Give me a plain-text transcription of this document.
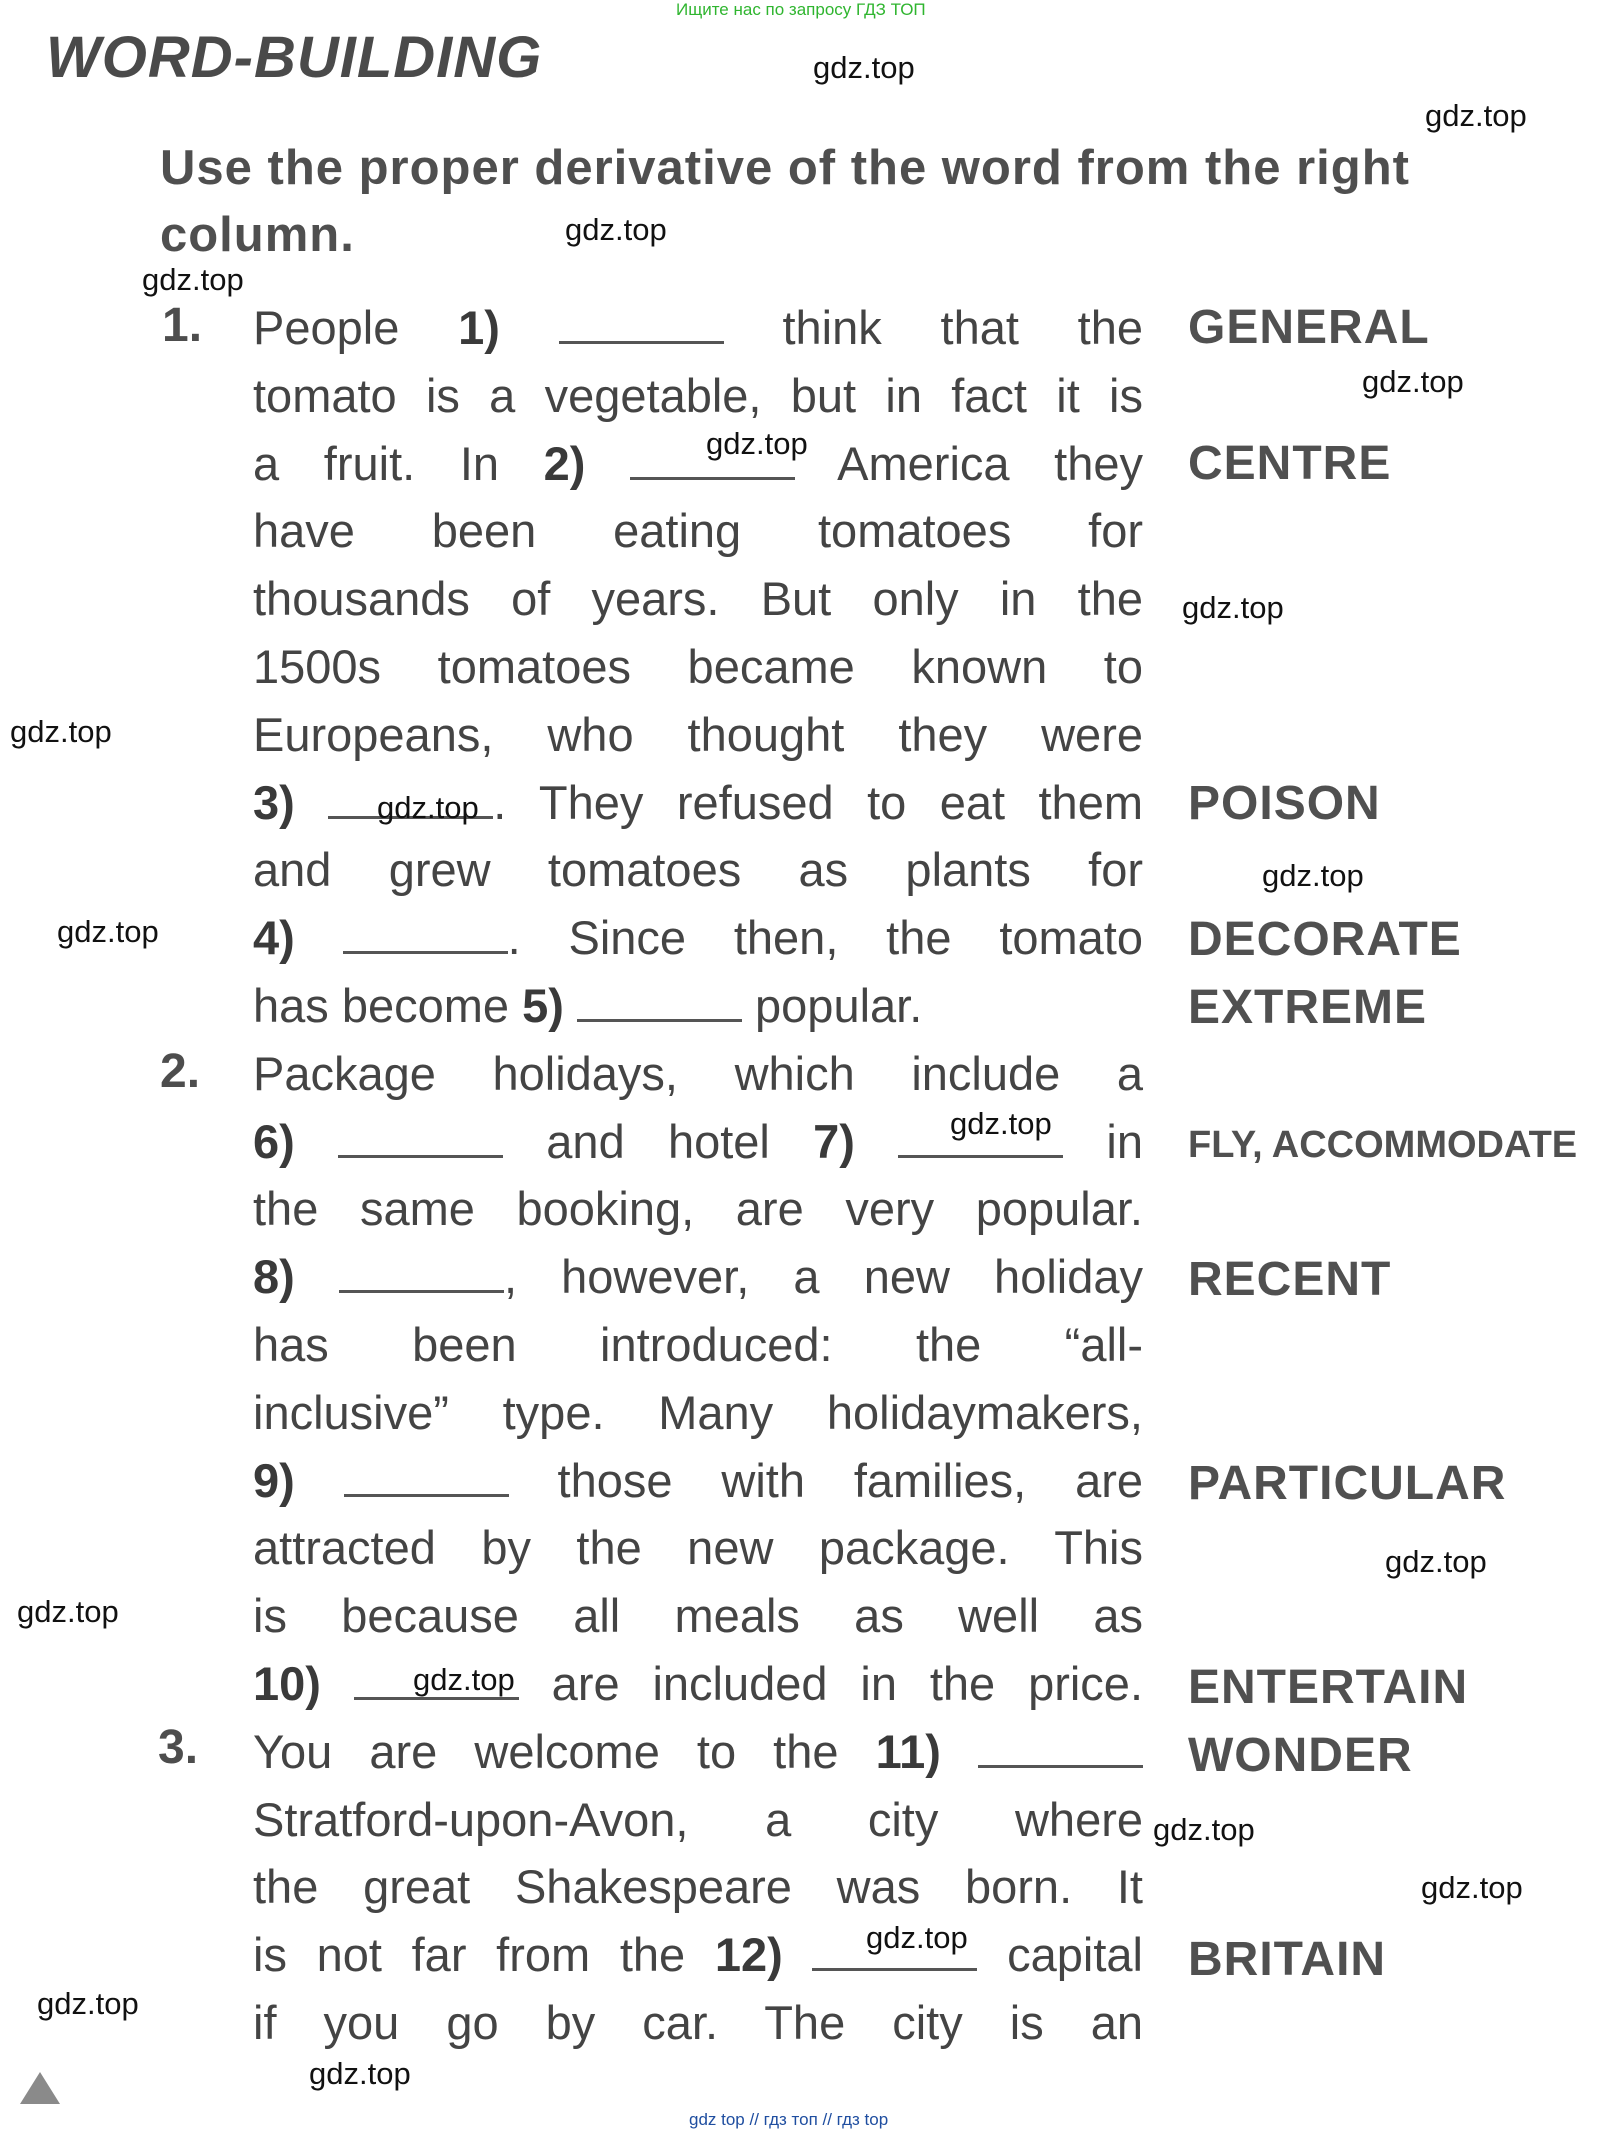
Ищите нас по запросу ГДЗ ТОП
WORD-BUILDING
Use the proper derivative of the word from the right
column.
1.
2.
3.
People 1)	think that the
tomato is a vegetable, but in fact it is
a fruit. In 2)	America they
have been eating tomatoes for
thousands of years. But only in the
1500s tomatoes became known to
Europeans, who thought they were
3)	. They refused to eat them
and grew tomatoes as plants for
4)	. Since then, the tomato
has become 5)	popular.
Package holidays, which include a
6)	and hotel 7)	in
the same booking, are very popular.
8)	, however, a new holiday
has been introduced: the “all-
inclusive” type. Many holidaymakers,
9)	those with families, are
attracted by the new package. This
is because all meals as well as
10)	are included in the price.
You are welcome to the 11)
Stratford-upon-Avon, a city where
the great Shakespeare was born. It
is not far from the 12)	capital
if you go by car. The city is an
GENERAL
CENTRE
POISON
DECORATE
EXTREME
FLY, ACCOMMODATE
RECENT
PARTICULAR
ENTERTAIN
WONDER
BRITAIN
gdz.top
gdz.top
gdz.top
gdz.top
gdz.top
gdz.top
gdz.top
gdz.top
gdz.top
gdz.top
gdz.top
gdz.top
gdz.top
gdz.top
gdz.top
gdz.top
gdz.top
gdz.top
gdz.top
gdz.top
gdz top // гдз топ // гдз top
